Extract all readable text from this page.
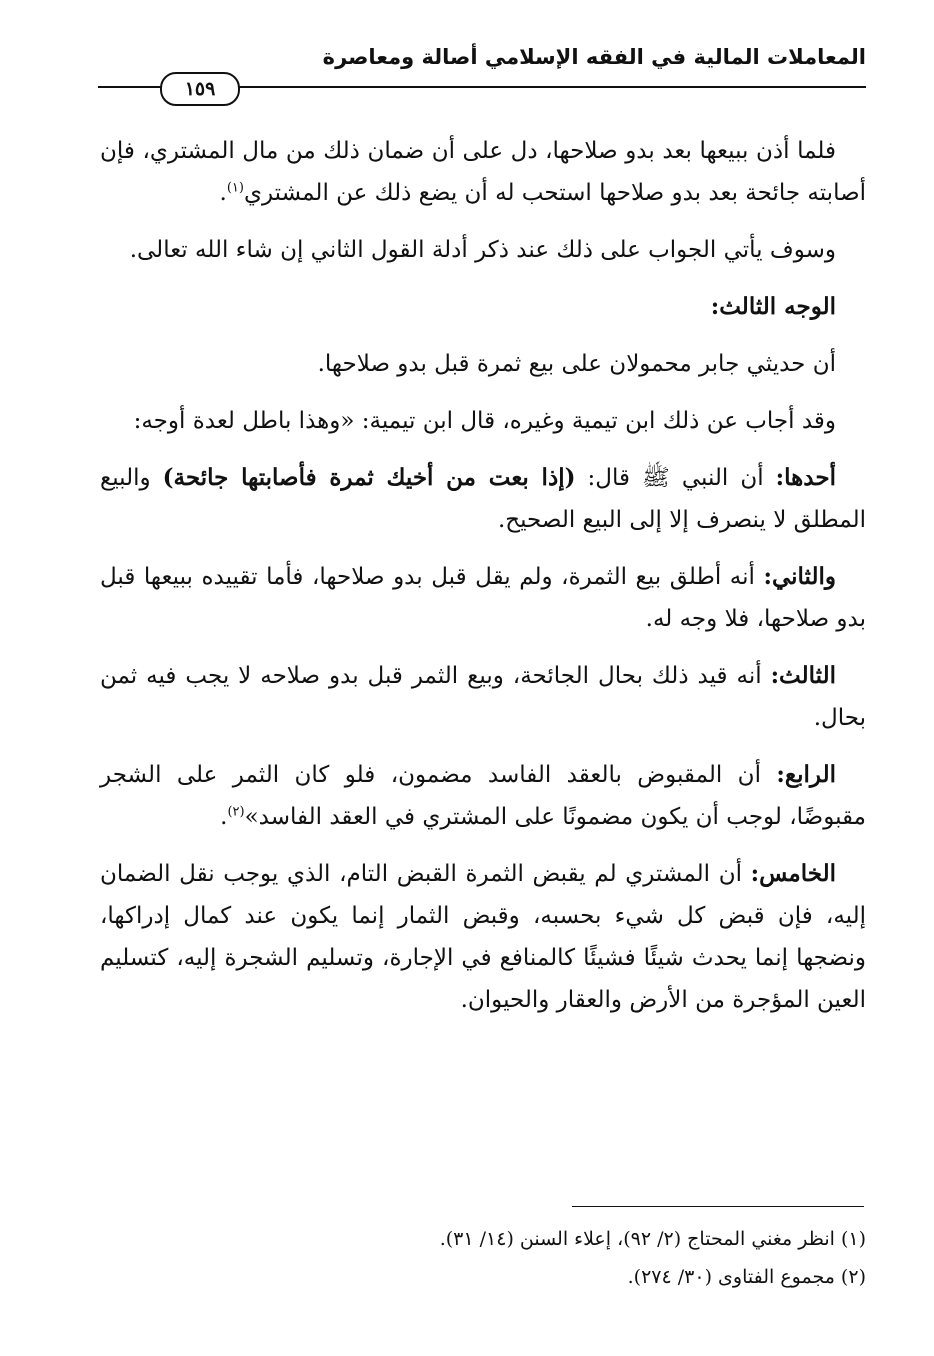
المعاملات المالية في الفقه الإسلامي أصالة ومعاصرة
١٥٩

فلما أذن ببيعها بعد بدو صلاحها، دل على أن ضمان ذلك من مال المشتري، فإن أصابته جائحة بعد بدو صلاحها استحب له أن يضع ذلك عن المشتري$^{(١)}$.

وسوف يأتي الجواب على ذلك عند ذكر أدلة القول الثاني إن شاء الله تعالى.

الوجه الثالث:

أن حديثي جابر محمولان على بيع ثمرة قبل بدو صلاحها.

وقد أجاب عن ذلك ابن تيمية وغيره، قال ابن تيمية: «وهذا باطل لعدة أوجه:

أحدها: أن النبي ﷺ قال: (إذا بعت من أخيك ثمرة فأصابتها جائحة) والبيع المطلق لا ينصرف إلا إلى البيع الصحيح.

والثاني: أنه أطلق بيع الثمرة، ولم يقل قبل بدو صلاحها، فأما تقييده ببيعها قبل بدو صلاحها، فلا وجه له.

الثالث: أنه قيد ذلك بحال الجائحة، وبيع الثمر قبل بدو صلاحه لا يجب فيه ثمن بحال.

الرابع: أن المقبوض بالعقد الفاسد مضمون، فلو كان الثمر على الشجر مقبوضًا، لوجب أن يكون مضمونًا على المشتري في العقد الفاسد»$^{(٢)}$.

الخامس: أن المشتري لم يقبض الثمرة القبض التام، الذي يوجب نقل الضمان إليه، فإن قبض كل شيء بحسبه، وقبض الثمار إنما يكون عند كمال إدراكها، ونضجها إنما يحدث شيئًا فشيئًا كالمنافع في الإجارة، وتسليم الشجرة إليه، كتسليم العين المؤجرة من الأرض والعقار والحيوان.

(١) انظر مغني المحتاج (٢/ ٩٢)، إعلاء السنن (١٤/ ٣١).

(٢) مجموع الفتاوى (٣٠/ ٢٧٤).
